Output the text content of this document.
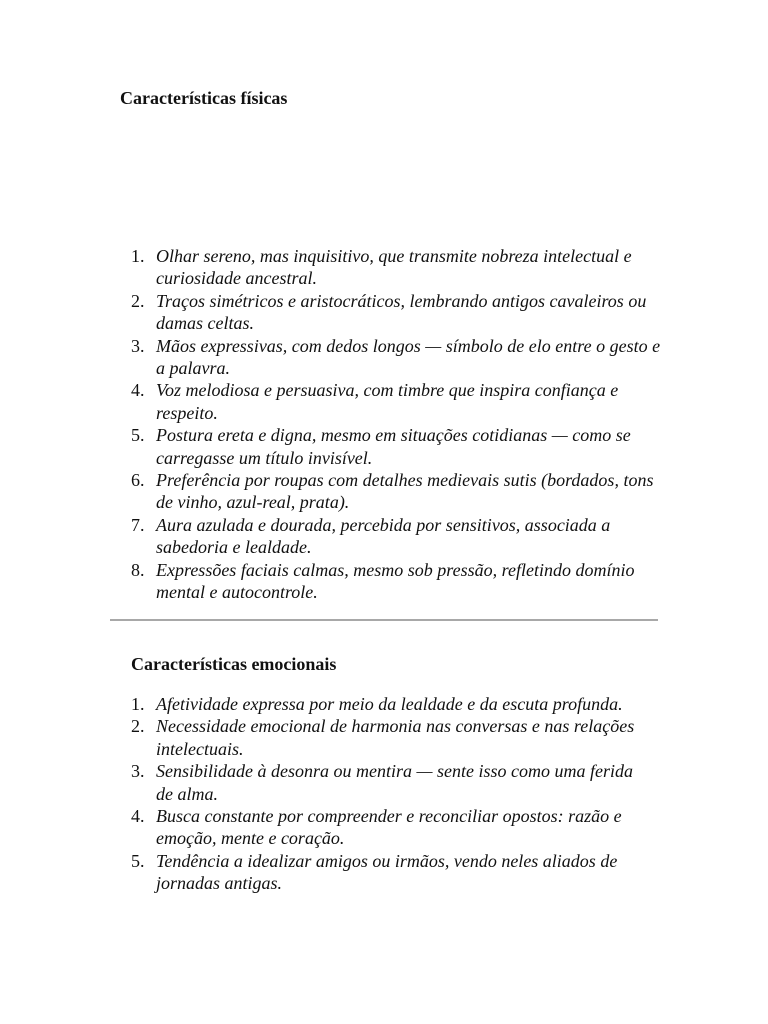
Características físicas
1. Olhar sereno, mas inquisitivo, que transmite nobreza intelectual e curiosidade ancestral.
2. Traços simétricos e aristocráticos, lembrando antigos cavaleiros ou damas celtas.
3. Mãos expressivas, com dedos longos — símbolo de elo entre o gesto e a palavra.
4. Voz melodiosa e persuasiva, com timbre que inspira confiança e respeito.
5. Postura ereta e digna, mesmo em situações cotidianas — como se carregasse um título invisível.
6. Preferência por roupas com detalhes medievais sutis (bordados, tons de vinho, azul-real, prata).
7. Aura azulada e dourada, percebida por sensitivos, associada a sabedoria e lealdade.
8. Expressões faciais calmas, mesmo sob pressão, refletindo domínio mental e autocontrole.
Características emocionais
1. Afetividade expressa por meio da lealdade e da escuta profunda.
2. Necessidade emocional de harmonia nas conversas e nas relações intelectuais.
3. Sensibilidade à desonra ou mentira — sente isso como uma ferida de alma.
4. Busca constante por compreender e reconciliar opostos: razão e emoção, mente e coração.
5. Tendência a idealizar amigos ou irmãos, vendo neles aliados de jornadas antigas.
